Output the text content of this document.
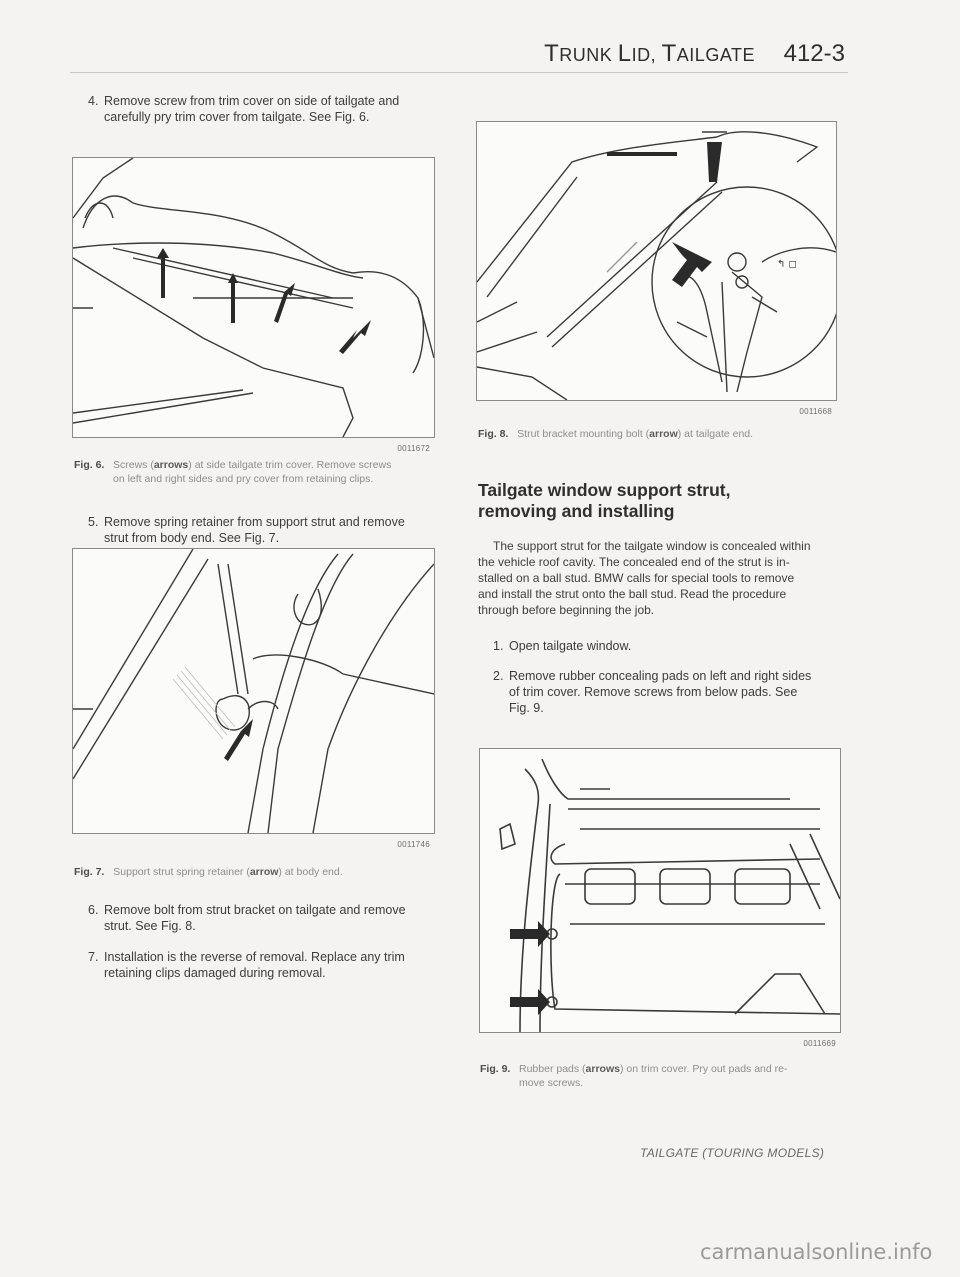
TRUNK LID, TAILGATE 412-3
4. Remove screw from trim cover on side of tailgate and
carefully pry trim cover from tailgate. See Fig. 6.
0011672
Fig. 6. Screws (arrows) at side tailgate trim cover. Remove screws
on left and right sides and pry cover from retaining clips.
5. Remove spring retainer from support strut and remove
strut from body end. See Fig. 7.
0011746
Fig. 7. Support strut spring retainer (arrow) at body end.
6. Remove bolt from strut bracket on tailgate and remove
strut. See Fig. 8.
7. Installation is the reverse of removal. Replace any trim
retaining clips damaged during removal.
↰ ◻
0011668
Fig. 8. Strut bracket mounting bolt (arrow) at tailgate end.
Tailgate window support strut,
removing and installing
The support strut for the tailgate window is concealed within
the vehicle roof cavity. The concealed end of the strut is in-
stalled on a ball stud. BMW calls for special tools to remove
and install the strut onto the ball stud. Read the procedure
through before beginning the job.
1. Open tailgate window.
2. Remove rubber concealing pads on left and right sides
of trim cover. Remove screws from below pads. See
Fig. 9.
0011669
Fig. 9. Rubber pads (arrows) on trim cover. Pry out pads and re-
move screws.
TAILGATE (TOURING MODELS)
carmanualsonline.info
